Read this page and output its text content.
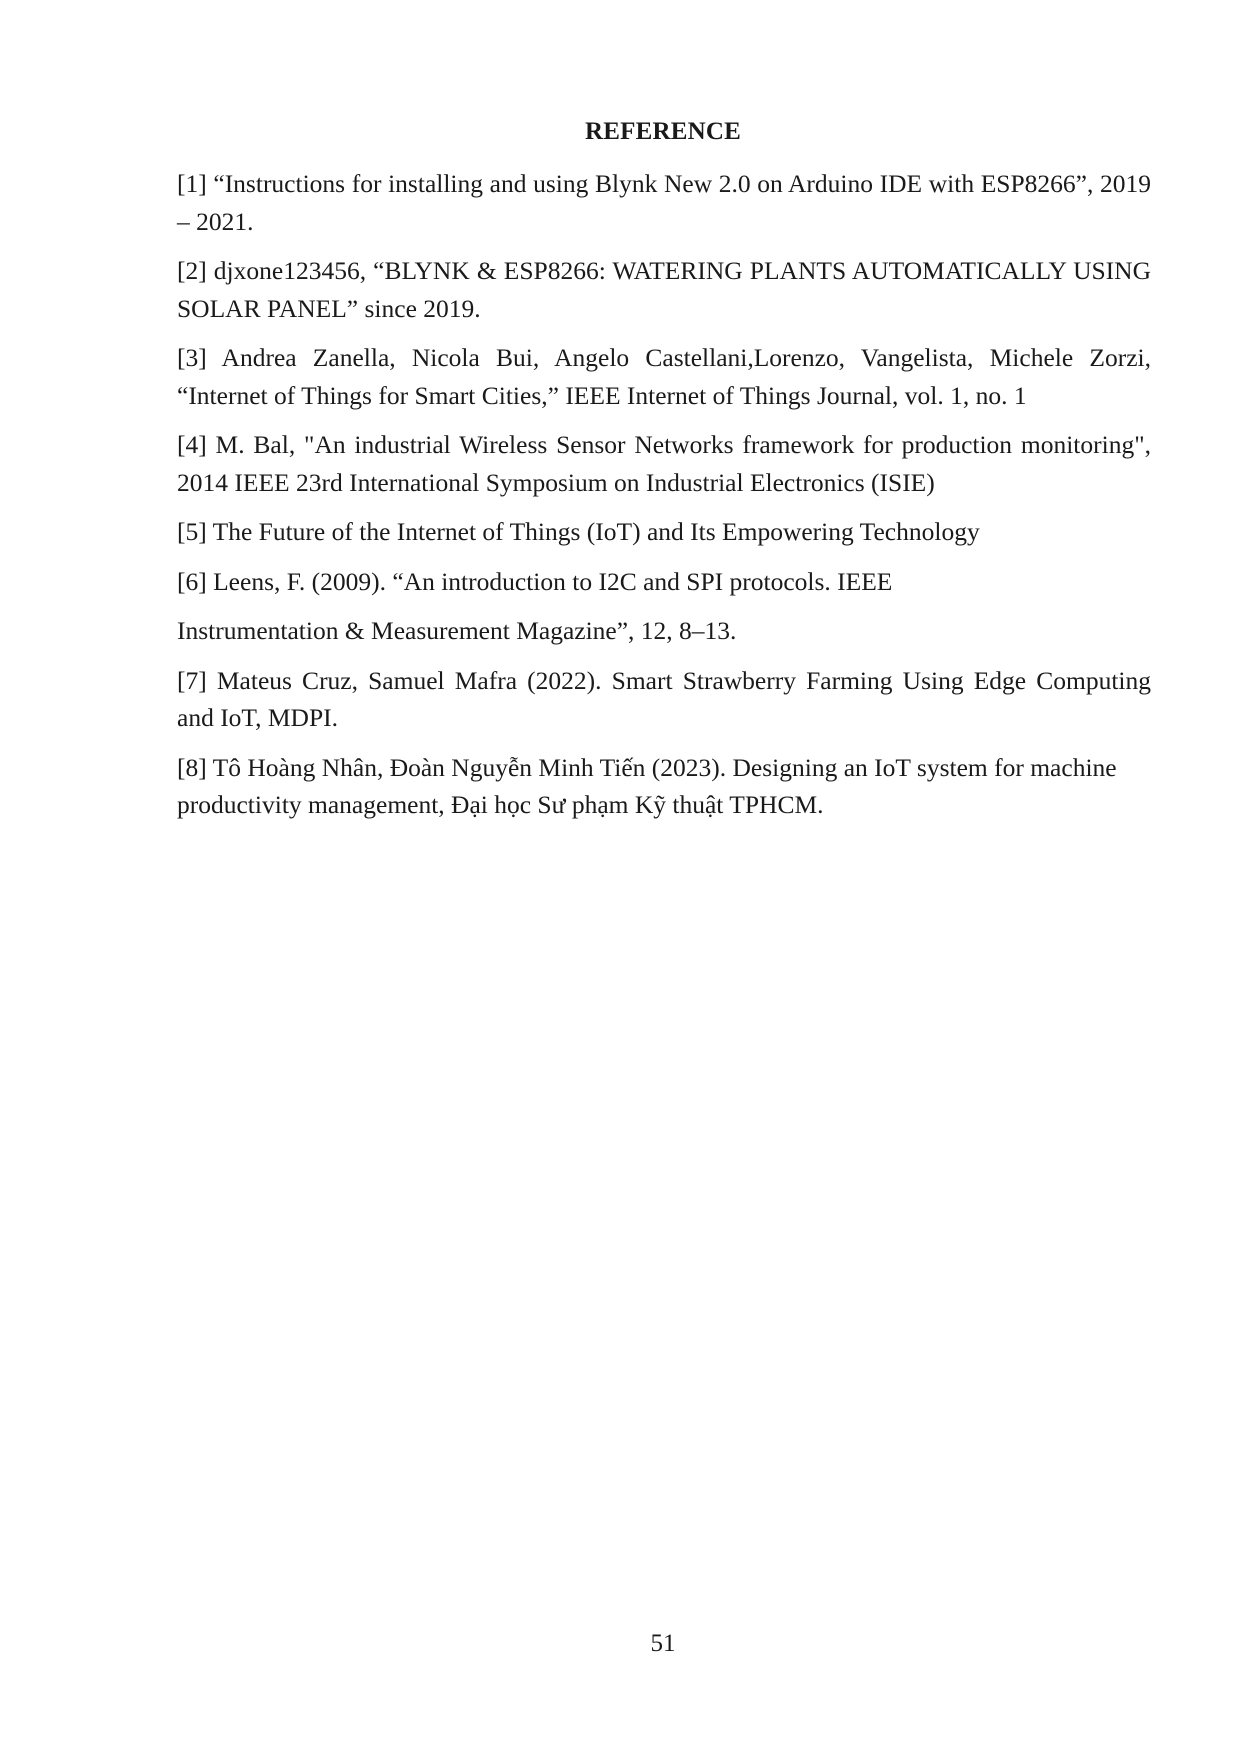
REFERENCE

[1] “Instructions for installing and using Blynk New 2.0 on Arduino IDE with ESP8266”, 2019 – 2021.

[2] djxone123456, “BLYNK & ESP8266: WATERING PLANTS AUTOMATICALLY USING SOLAR PANEL” since 2019.

[3] Andrea Zanella, Nicola Bui, Angelo Castellani,Lorenzo, Vangelista, Michele Zorzi, “Internet of Things for Smart Cities,” IEEE Internet of Things Journal, vol. 1, no. 1

[4] M. Bal, "An industrial Wireless Sensor Networks framework for production monitoring", 2014 IEEE 23rd International Symposium on Industrial Electronics (ISIE)

[5] The Future of the Internet of Things (IoT) and Its Empowering Technology

[6] Leens, F. (2009). “An introduction to I2C and SPI protocols. IEEE

Instrumentation & Measurement Magazine”, 12, 8–13.

[7] Mateus Cruz, Samuel Mafra (2022). Smart Strawberry Farming Using Edge Computing and IoT, MDPI.

[8] Tô Hoàng Nhân, Đoàn Nguyễn Minh Tiến (2023). Designing an IoT system for machine productivity management, Đại học Sư phạm Kỹ thuật TPHCM.

51
